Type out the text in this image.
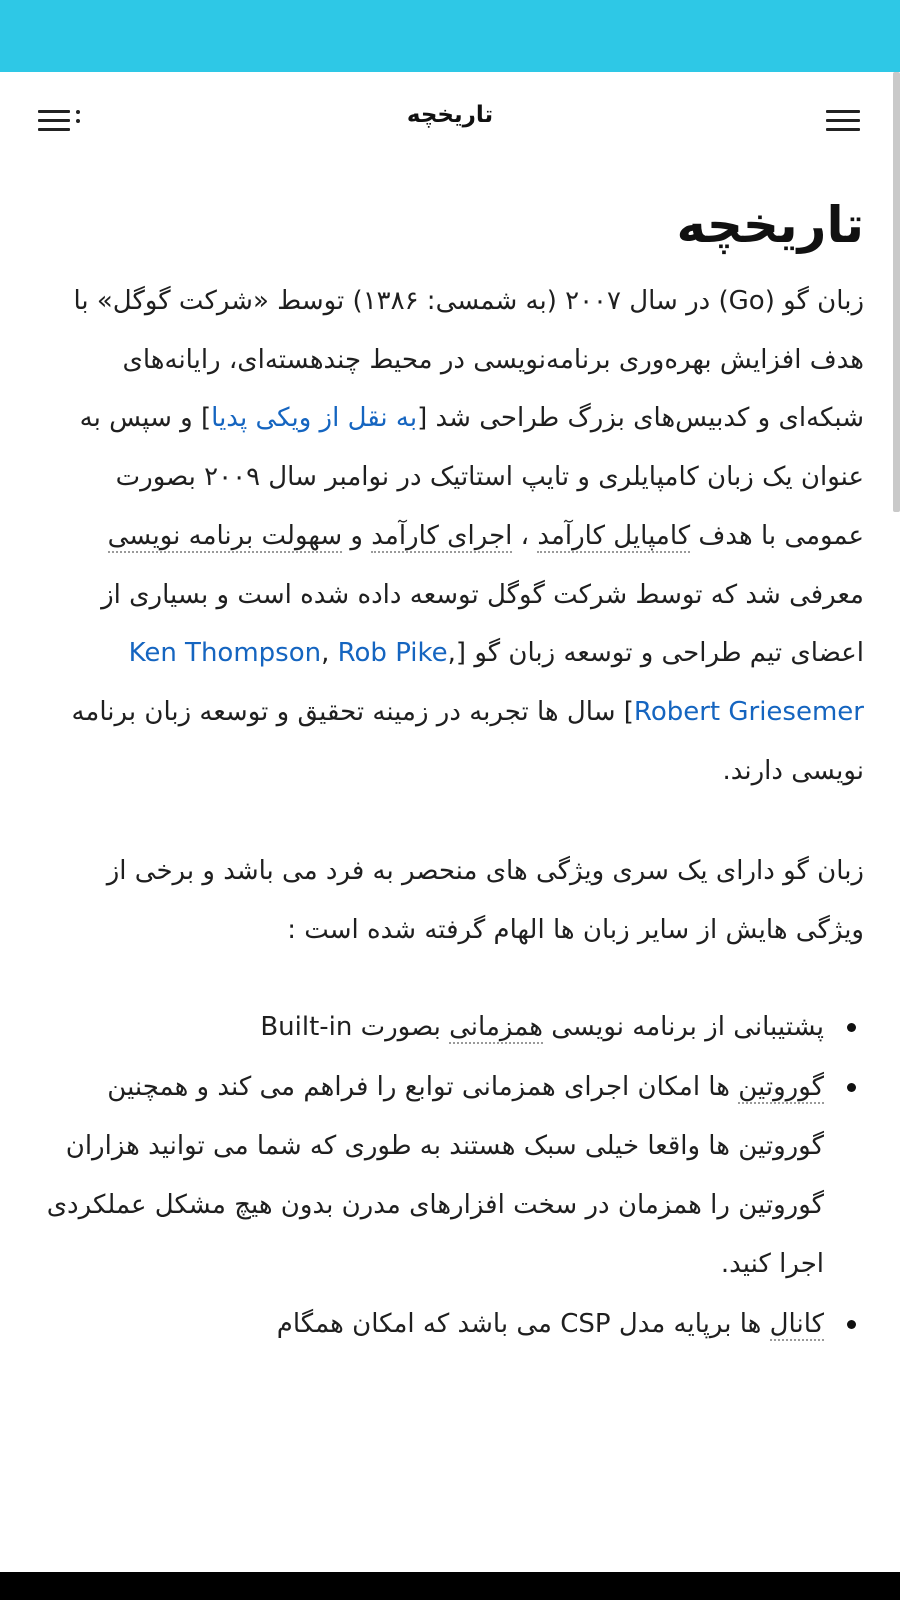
تاریخچه
تاریخچه

زبان گو (Go) در سال ۲۰۰۷ (به شمسی: ۱۳۸۶) توسط «شرکت گوگل» با هدف افزایش بهره‌وری برنامه‌نویسی در محیط چندهسته‌ای، رایانه‌های شبکه‌ای و کدبیس‌های بزرگ طراحی شد [به نقل از ویکی پدیا] و سپس به عنوان یک زبان کامپایلری و تایپ استاتیک در نوامبر سال ۲۰۰۹ بصورت عمومی با هدف کامپایل کارآمد ، اجرای کارآمد و سهولت برنامه نویسی معرفی شد که توسط شرکت گوگل توسعه داده شده است و بسیاری از اعضای تیم طراحی و توسعه زبان گو [Ken Thompson, Rob Pike, Robert Griesemer] سال ها تجربه در زمینه تحقیق و توسعه زبان برنامه نویسی دارند.

زبان گو دارای یک سری ویژگی های منحصر به فرد می باشد و برخی از ویژگی هایش از سایر زبان ها الهام گرفته شده است :

پشتیبانی از برنامه نویسی همزمانی بصورت Built-in
گوروتین ها امکان اجرای همزمانی توابع را فراهم می کند و همچنین گوروتین ها واقعا خیلی سبک هستند به طوری که شما می توانید هزاران گوروتین را همزمان در سخت افزارهای مدرن بدون هیچ مشکل عملکردی اجرا کنید.
کانال ها برپایه مدل CSP می باشد که امکان همگام
